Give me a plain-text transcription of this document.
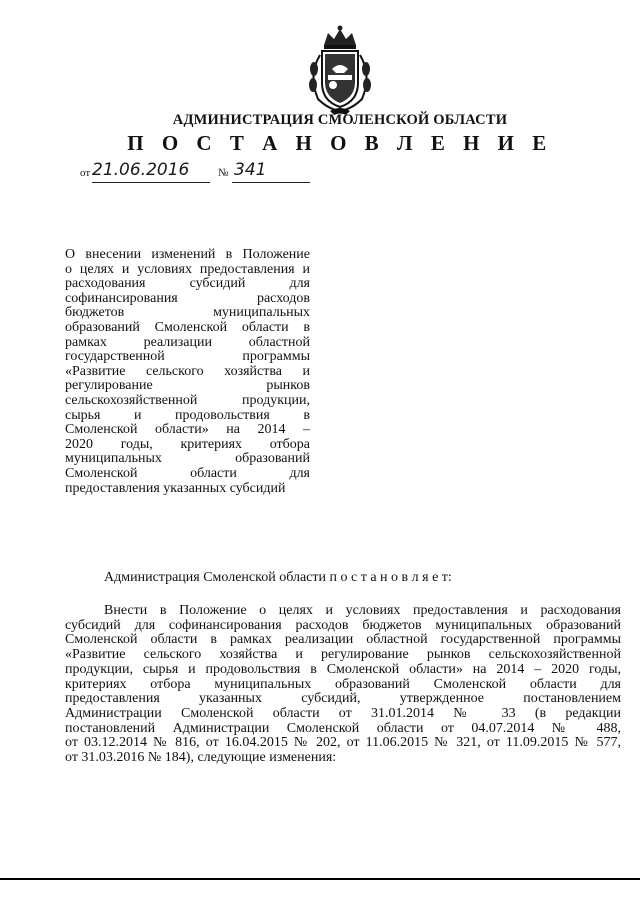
АДМИНИСТРАЦИЯ СМОЛЕНСКОЙ ОБЛАСТИ
П О С Т А Н О В Л Е Н И Е
от 21.06.2016	№ 341
О внесении изменений в Положение
о целях и условиях предоставления и
расходования субсидий для
софинансирования расходов
бюджетов муниципальных
образований Смоленской области в
рамках реализации областной
государственной программы
«Развитие сельского хозяйства и
регулирование рынков
сельскохозяйственной продукции,
сырья и продовольствия в
Смоленской области» на 2014 –
2020 годы, критериях отбора
муниципальных образований
Смоленской области для
предоставления указанных субсидий
Администрация Смоленской области п о с т а н о в л я е т:
Внести в Положение о целях и условиях предоставления и расходования
субсидий для софинансирования расходов бюджетов муниципальных образований
Смоленской области в рамках реализации областной государственной программы
«Развитие сельского хозяйства и регулирование рынков сельскохозяйственной
продукции, сырья и продовольствия в Смоленской области» на 2014 – 2020 годы,
критериях отбора муниципальных образований Смоленской области для
предоставления указанных субсидий, утвержденное постановлением
Администрации Смоленской области от 31.01.2014 № 33 (в редакции
постановлений Администрации Смоленской области от 04.07.2014 № 488,
от 03.12.2014 № 816, от 16.04.2015 № 202, от 11.06.2015 № 321, от 11.09.2015 № 577,
от 31.03.2016 № 184), следующие изменения:
